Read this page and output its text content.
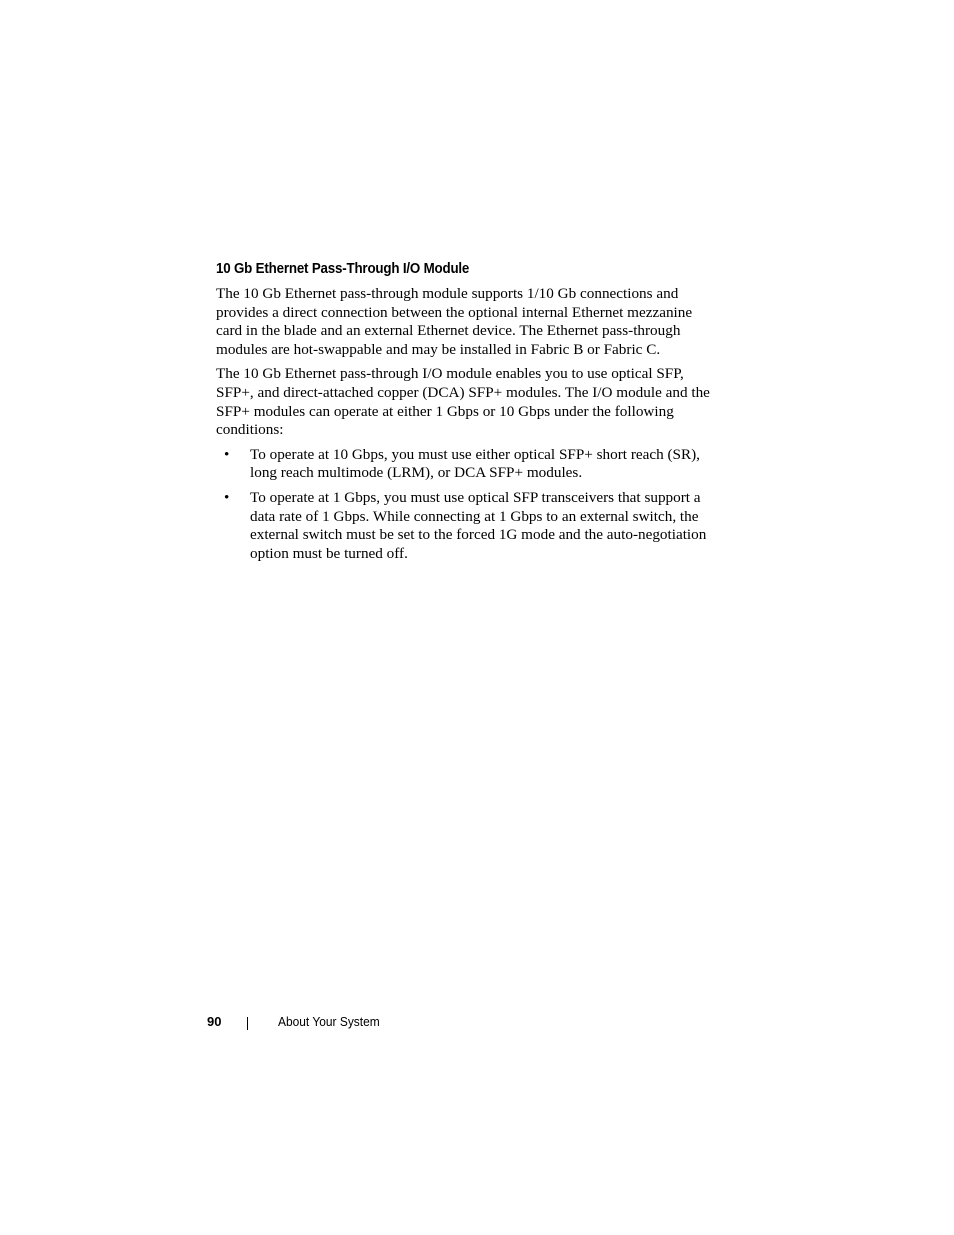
10 Gb Ethernet Pass-Through I/O Module

The 10 Gb Ethernet pass-through module supports 1/10 Gb connections and provides a direct connection between the optional internal Ethernet mezzanine card in the blade and an external Ethernet device. The Ethernet pass-through modules are hot-swappable and may be installed in Fabric B or Fabric C.

The 10 Gb Ethernet pass-through I/O module enables you to use optical SFP, SFP+, and direct-attached copper (DCA) SFP+ modules. The I/O module and the SFP+ modules can operate at either 1 Gbps or 10 Gbps under the following conditions:

• To operate at 10 Gbps, you must use either optical SFP+ short reach (SR), long reach multimode (LRM), or DCA SFP+ modules.
• To operate at 1 Gbps, you must use optical SFP transceivers that support a data rate of 1 Gbps. While connecting at 1 Gbps to an external switch, the external switch must be set to the forced 1G mode and the auto-negotiation option must be turned off.
90	About Your System
